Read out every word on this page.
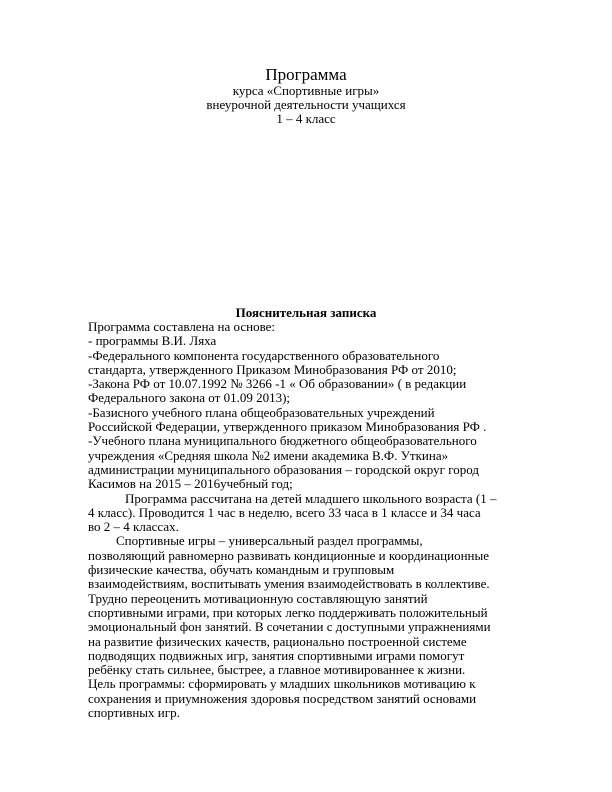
Программа
курса «Спортивные игры»
внеурочной деятельности учащихся
1 – 4 класс
Пояснительная записка
Программа составлена на основе:
- программы В.И. Ляха
-Федерального компонента государственного образовательного
стандарта, утвержденного Приказом Минобразования РФ от 2010;
-Закона РФ от 10.07.1992 № 3266 -1 « Об образовании» ( в редакции
Федерального закона от 01.09 2013);
-Базисного учебного плана общеобразовательных учреждений
Российской Федерации, утвержденного приказом Минобразования РФ .
-Учебного плана муниципального бюджетного общеобразовательного
учреждения «Средняя школа №2 имени академика В.Ф. Уткина»
администрации муниципального образования – городской округ город
Касимов на 2015 – 2016учебный год;
Программа рассчитана на детей младшего школьного возраста (1 –
4 класс). Проводится 1 час в неделю, всего 33 часа в 1 классе и 34 часа
во 2 – 4 классах.
Спортивные игры – универсальный раздел программы,
позволяющий равномерно развивать кондиционные и координационные
физические качества, обучать командным и групповым
взаимодействиям, воспитывать умения взаимодействовать в коллективе.
Трудно переоценить мотивационную составляющую занятий
спортивными играми, при которых легко поддерживать положительный
эмоциональный фон занятий. В сочетании с доступными упражнениями
на развитие физических качеств, рационально построенной системе
подводящих подвижных игр, занятия спортивными играми помогут
ребёнку стать сильнее, быстрее, а главное мотивированнее к жизни.
Цель программы: сформировать у младших школьников мотивацию к
сохранения и приумножения здоровья посредством занятий основами
спортивных игр.
